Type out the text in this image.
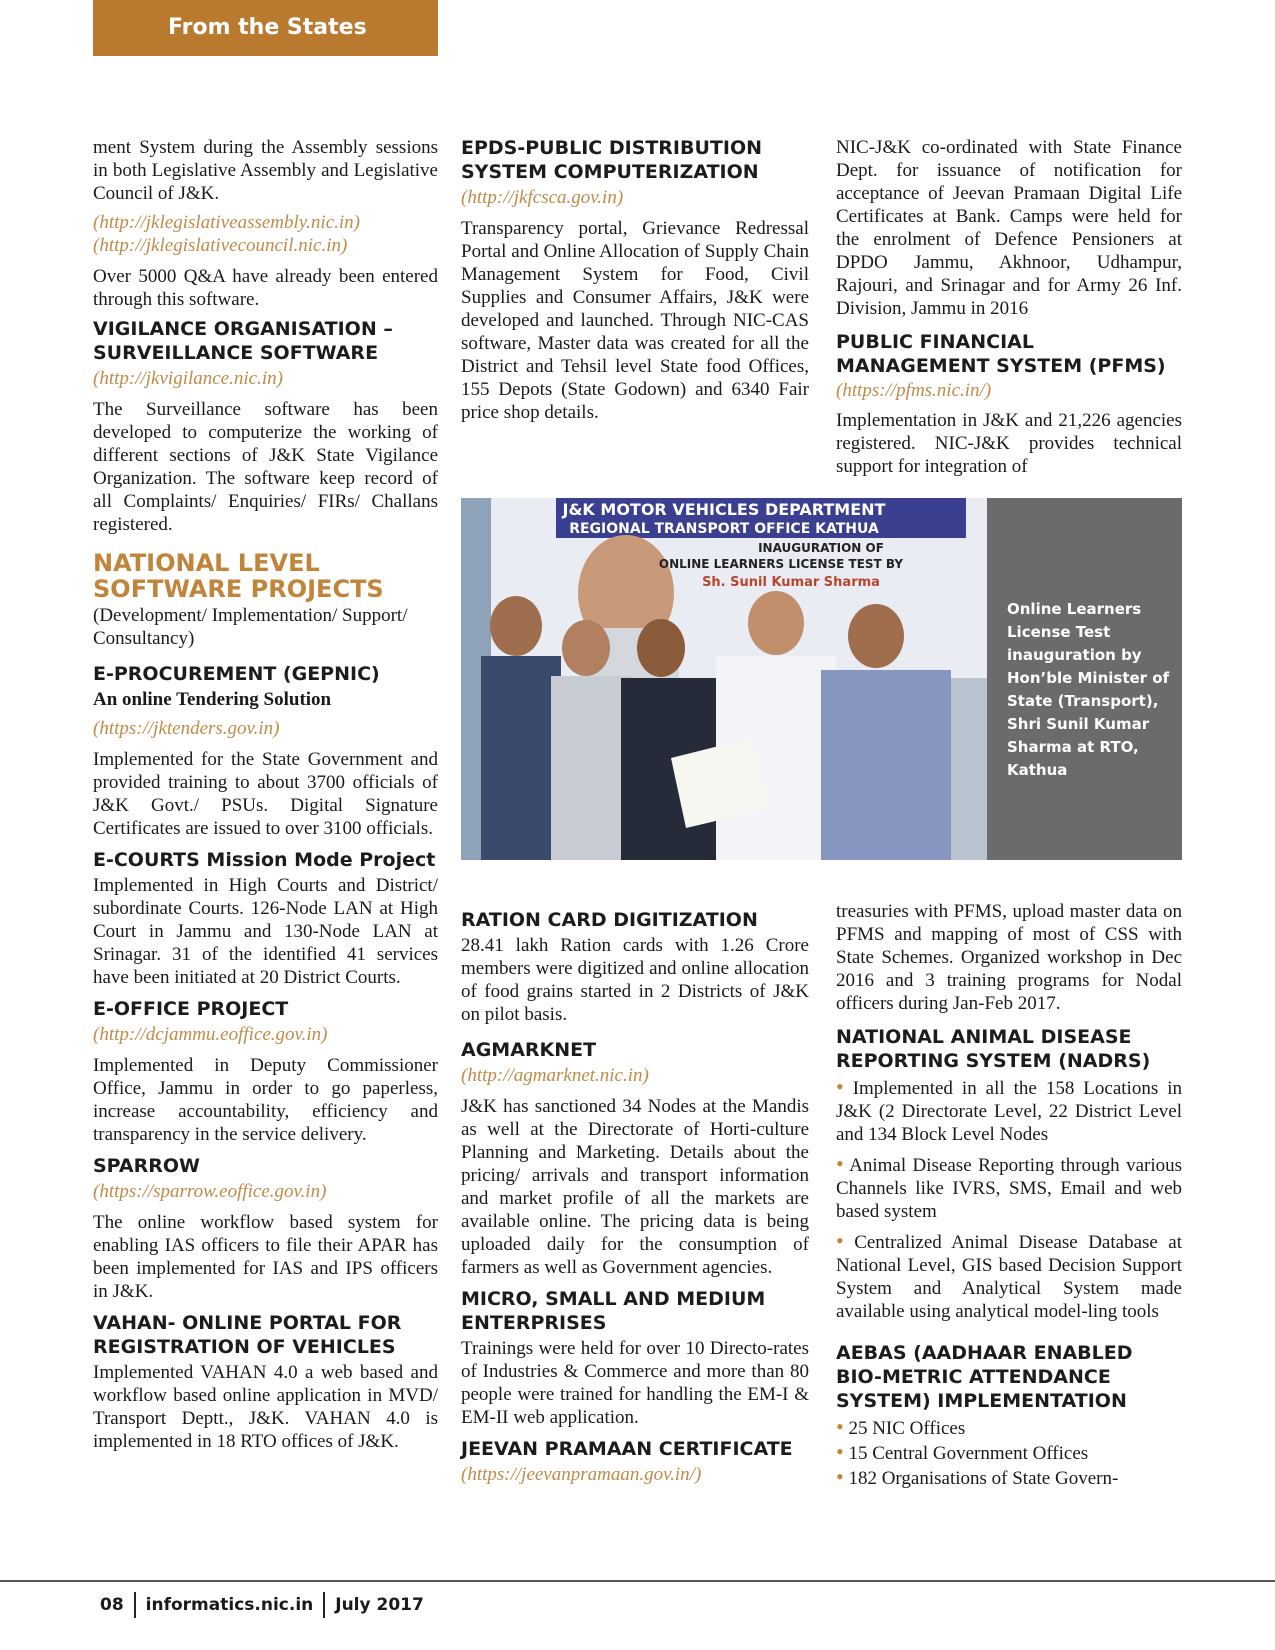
From the States

ment System during the Assembly sessions in both Legislative Assembly and Legislative Council of J&K.

(http://jklegislativeassembly.nic.in)
(http://jklegislativecouncil.nic.in)

Over 5000 Q&A have already been entered through this software.

VIGILANCE ORGANISATION – SURVEILLANCE SOFTWARE
(http://jkvigilance.nic.in)

The Surveillance software has been developed to computerize the working of different sections of J&K State Vigilance Organization. The software keep record of all Complaints/ Enquiries/ FIRs/ Challans registered.

NATIONAL LEVEL SOFTWARE PROJECTS

(Development/ Implementation/ Support/ Consultancy)

E-PROCUREMENT (GEPNIC)

An online Tendering Solution

(https://jktenders.gov.in)

Implemented for the State Government and provided training to about 3700 officials of J&K Govt./ PSUs. Digital Signature Certificates are issued to over 3100 officials.

E-COURTS Mission Mode Project

Implemented in High Courts and District/ subordinate Courts. 126-Node LAN at High Court in Jammu and 130-Node LAN at Srinagar. 31 of the identified 41 services have been initiated at 20 District Courts.

E-OFFICE PROJECT
(http://dcjammu.eoffice.gov.in)

Implemented in Deputy Commissioner Office, Jammu in order to go paperless, increase accountability, efficiency and transparency in the service delivery.

SPARROW
(https://sparrow.eoffice.gov.in)

The online workflow based system for enabling IAS officers to file their APAR has been implemented for IAS and IPS officers in J&K.

VAHAN- ONLINE PORTAL FOR REGISTRATION OF VEHICLES

Implemented VAHAN 4.0 a web based and workflow based online application in MVD/ Transport Deptt., J&K. VAHAN 4.0 is implemented in 18 RTO offices of J&K.

EPDS-PUBLIC DISTRIBUTION SYSTEM COMPUTERIZATION
(http://jkfcsca.gov.in)

Transparency portal, Grievance Redressal Portal and Online Allocation of Supply Chain Management System for Food, Civil Supplies and Consumer Affairs, J&K were developed and launched. Through NIC-CAS software, Master data was created for all the District and Tehsil level State food Offices, 155 Depots (State Godown) and 6340 Fair price shop details.

NIC-J&K co-ordinated with State Finance Dept. for issuance of notification for acceptance of Jeevan Pramaan Digital Life Certificates at Bank. Camps were held for the enrolment of Defence Pensioners at DPDO Jammu, Akhnoor, Udhampur, Rajouri, and Srinagar and for Army 26 Inf. Division, Jammu in 2016

PUBLIC FINANCIAL MANAGEMENT SYSTEM (PFMS) (https://pfms.nic.in/)

Implementation in J&K and 21,226 agencies registered. NIC-J&K provides technical support for integration of

J&K MOTOR VEHICLES DEPARTMENT
REGIONAL TRANSPORT OFFICE KATHUA
INAUGURATION OF
ONLINE LEARNERS LICENSE TEST BY
Sh. Sunil Kumar Sharma
Online Learners License Test inauguration by Hon’ble Minister of State (Transport), Shri Sunil Kumar Sharma at RTO, Kathua
RATION CARD DIGITIZATION

28.41 lakh Ration cards with 1.26 Crore members were digitized and online allocation of food grains started in 2 Districts of J&K on pilot basis.

AGMARKNET
(http://agmarknet.nic.in)

J&K has sanctioned 34 Nodes at the Mandis as well at the Directorate of Horti-culture Planning and Marketing. Details about the pricing/ arrivals and transport information and market profile of all the markets are available online. The pricing data is being uploaded daily for the consumption of farmers as well as Government agencies.

MICRO, SMALL AND MEDIUM ENTERPRISES

Trainings were held for over 10 Directo-rates of Industries & Commerce and more than 80 people were trained for handling the EM-I & EM-II web application.

JEEVAN PRAMAAN CERTIFICATE
(https://jeevanpramaan.gov.in/)

treasuries with PFMS, upload master data on PFMS and mapping of most of CSS with State Schemes. Organized workshop in Dec 2016 and 3 training programs for Nodal officers during Jan-Feb 2017.

NATIONAL ANIMAL DISEASE REPORTING SYSTEM (NADRS)

• Implemented in all the 158 Locations in J&K (2 Directorate Level, 22 District Level and 134 Block Level Nodes

• Animal Disease Reporting through various Channels like IVRS, SMS, Email and web based system

• Centralized Animal Disease Database at National Level, GIS based Decision Support System and Analytical System made available using analytical model-ling tools

AEBAS (AADHAAR ENABLED BIO-METRIC ATTENDANCE SYSTEM) IMPLEMENTATION

• 25 NIC Offices

• 15 Central Government Offices

• 182 Organisations of State Govern-

08 informatics.nic.in July 2017
